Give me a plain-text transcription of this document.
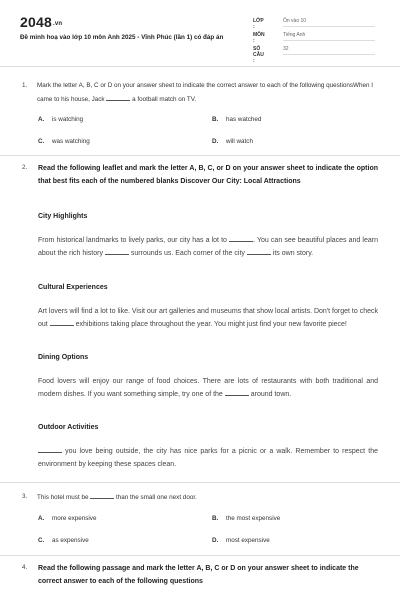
$2048_{.vn}$
Đề minh hoạ vào lớp 10 môn Anh 2025 - Vĩnh Phúc (lần 1) có đáp án
LỚP :
Ôn vào 10
MÔN :
Tiếng Anh
SỐ CÂU :
32
1. Mark the letter A, B, C or D on your answer sheet to indicate the correct answer to each of the following questionsWhen I came to his house, Jack	a football match on TV.
A. is watching	B. has watched
C. was watching	D. will watch
2. Read the following leaflet and mark the letter A, B, C, or D on your answer sheet to indicate the option that best fits each of the numbered blanks Discover Our City: Local Attractions
City Highlights
From historical landmarks to lively parks, our city has a lot to	. You can see beautiful places and learn about the rich history	surrounds us. Each corner of the city	its own story.
Cultural Experiences
Art lovers will find a lot to like. Visit our art galleries and museums that show local artists. Don't forget to check out	exhibitions taking place throughout the year. You might just find your new favorite piece!
Dining Options
Food lovers will enjoy our range of food choices. There are lots of restaurants with both traditional and modern dishes. If you want something simple, try one of the	around town.
Outdoor Activities
you love being outside, the city has nice parks for a picnic or a walk. Remember to respect the environment by keeping these spaces clean.
3. This hotel must be	than the small one next door.
A. more expensive	B. the most expensive
C. as expensive	D. most expensive
4. Read the following passage and mark the letter A, B, C or D on your answer sheet to indicate the correct answer to each of the following questions
